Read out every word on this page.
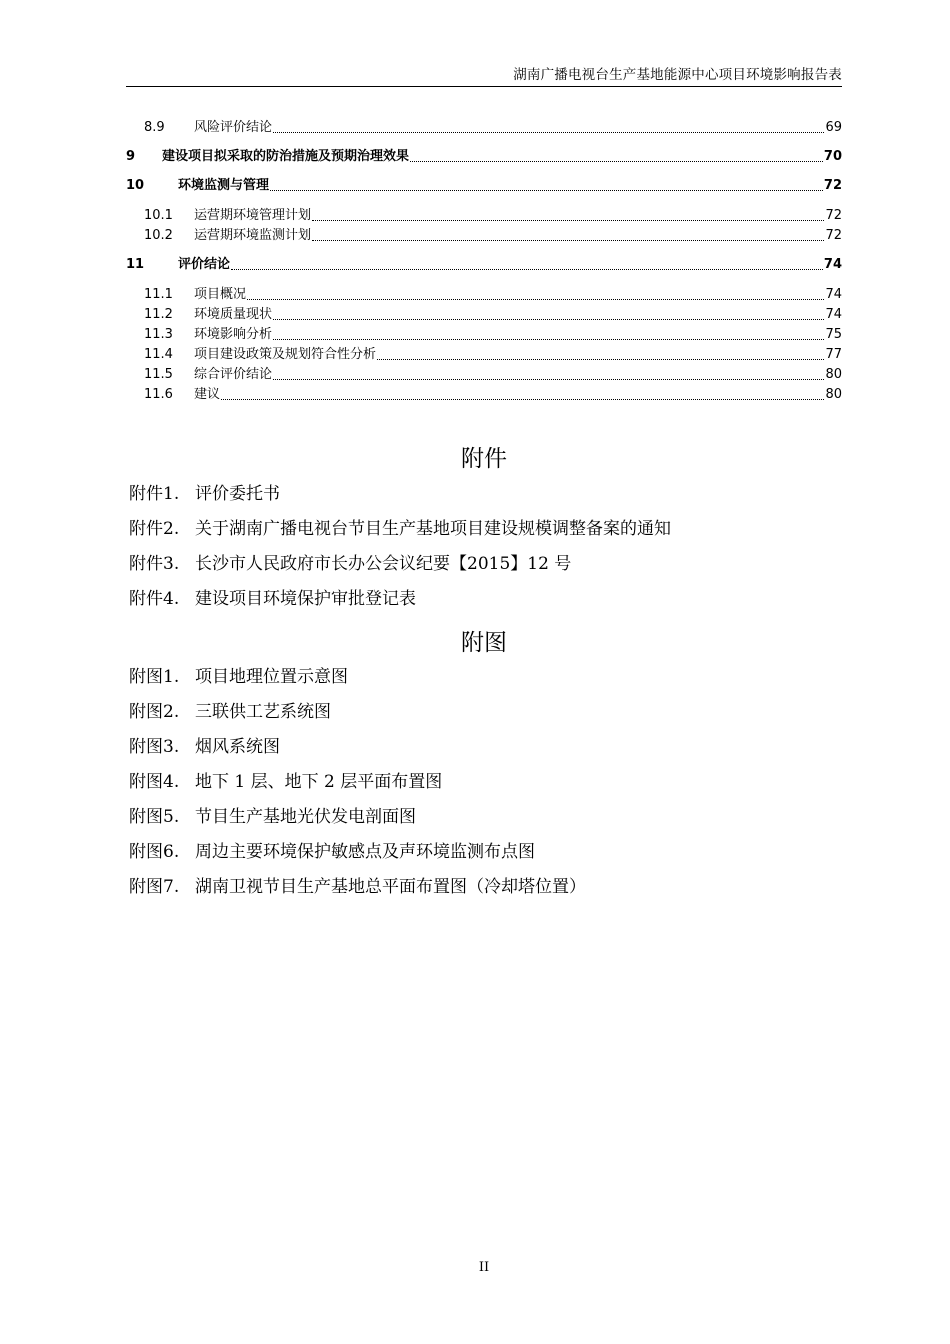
湖南广播电视台生产基地能源中心项目环境影响报告表
8.9	风险评价结论	69
9	建设项目拟采取的防治措施及预期治理效果	70
10	环境监测与管理	72
10.1	运营期环境管理计划	72
10.2	运营期环境监测计划	72
11	评价结论	74
11.1	项目概况	74
11.2	环境质量现状	74
11.3	环境影响分析	75
11.4	项目建设政策及规划符合性分析	77
11.5	综合评价结论	80
11.6	建议	80
附件
附件1. 评价委托书
附件2. 关于湖南广播电视台节目生产基地项目建设规模调整备案的通知
附件3. 长沙市人民政府市长办公会议纪要【2015】12 号
附件4. 建设项目环境保护审批登记表
附图
附图1. 项目地理位置示意图
附图2. 三联供工艺系统图
附图3. 烟风系统图
附图4. 地下 1 层、地下 2 层平面布置图
附图5. 节目生产基地光伏发电剖面图
附图6. 周边主要环境保护敏感点及声环境监测布点图
附图7. 湖南卫视节目生产基地总平面布置图（冷却塔位置）
II
